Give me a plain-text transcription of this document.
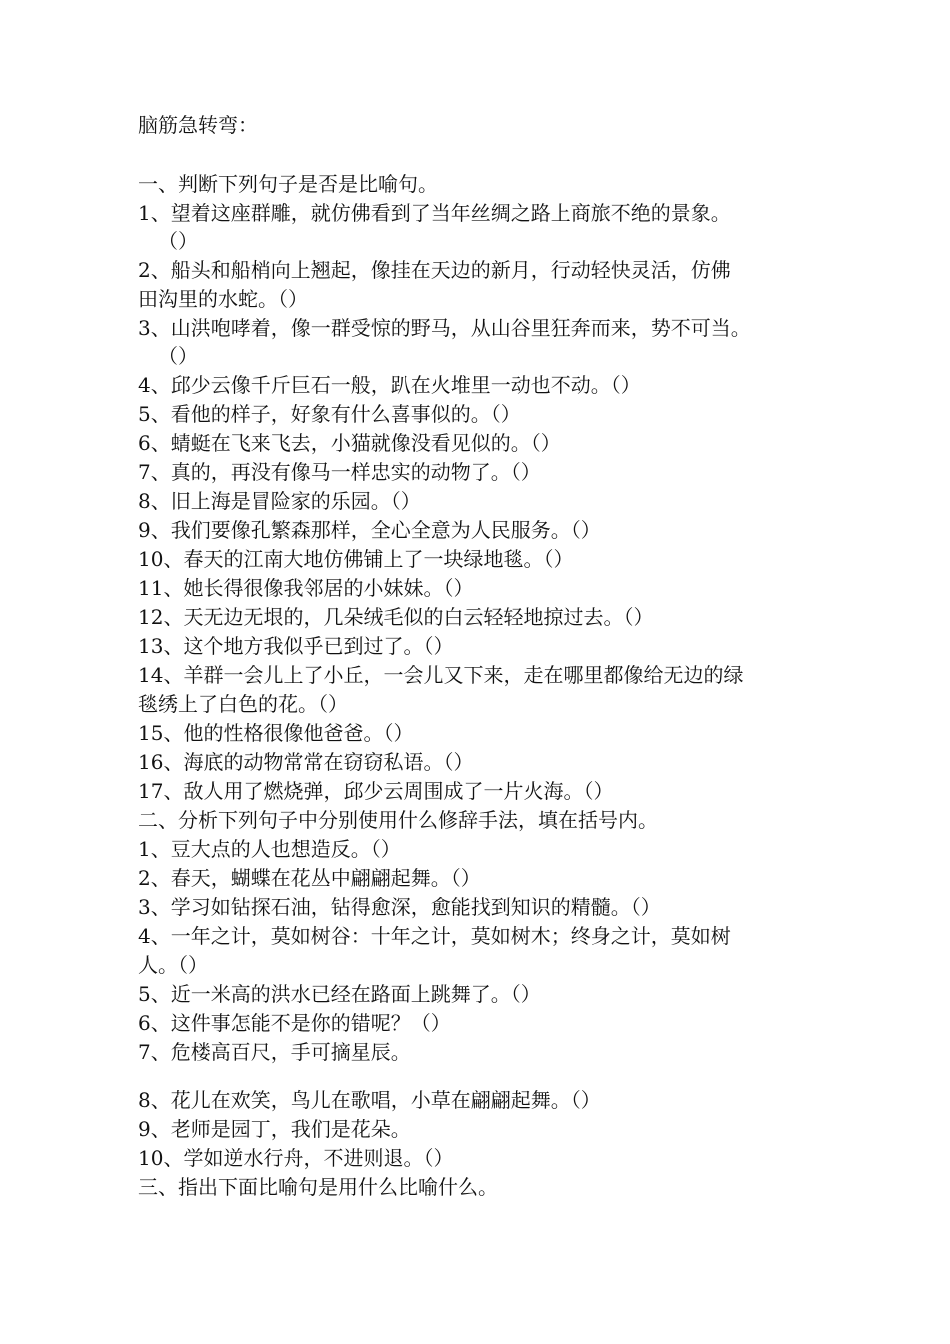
脑筋急转弯：
一、判断下列句子是否是比喻句。
1、望着这座群雕，就仿佛看到了当年丝绸之路上商旅不绝的景象。
（）
2、船头和船梢向上翘起，像挂在天边的新月，行动轻快灵活，仿佛
田沟里的水蛇。（）
3、山洪咆哮着，像一群受惊的野马，从山谷里狂奔而来，势不可当。
（）
4、邱少云像千斤巨石一般，趴在火堆里一动也不动。（）
5、看他的样子，好象有什么喜事似的。（）
6、蜻蜓在飞来飞去，小猫就像没看见似的。（）
7、真的，再没有像马一样忠实的动物了。（）
8、旧上海是冒险家的乐园。（）
9、我们要像孔繁森那样，全心全意为人民服务。（）
10、春天的江南大地仿佛铺上了一块绿地毯。（）
11、她长得很像我邻居的小妹妹。（）
12、天无边无垠的，几朵绒毛似的白云轻轻地掠过去。（）
13、这个地方我似乎已到过了。（）
14、羊群一会儿上了小丘，一会儿又下来，走在哪里都像给无边的绿
毯绣上了白色的花。（）
15、他的性格很像他爸爸。（）
16、海底的动物常常在窃窃私语。（）
17、敌人用了燃烧弹，邱少云周围成了一片火海。（）
二、分析下列句子中分别使用什么修辞手法，填在括号内。
1、豆大点的人也想造反。（）
2、春天，蝴蝶在花丛中翩翩起舞。（）
3、学习如钻探石油，钻得愈深，愈能找到知识的精髓。（）
4、一年之计，莫如树谷：十年之计，莫如树木；终身之计，莫如树
人。（）
5、近一米高的洪水已经在路面上跳舞了。（）
6、这件事怎能不是你的错呢？（）
7、危楼高百尺，手可摘星辰。
8、花儿在欢笑，鸟儿在歌唱，小草在翩翩起舞。（）
9、老师是园丁，我们是花朵。
10、学如逆水行舟，不进则退。（）
三、指出下面比喻句是用什么比喻什么。
